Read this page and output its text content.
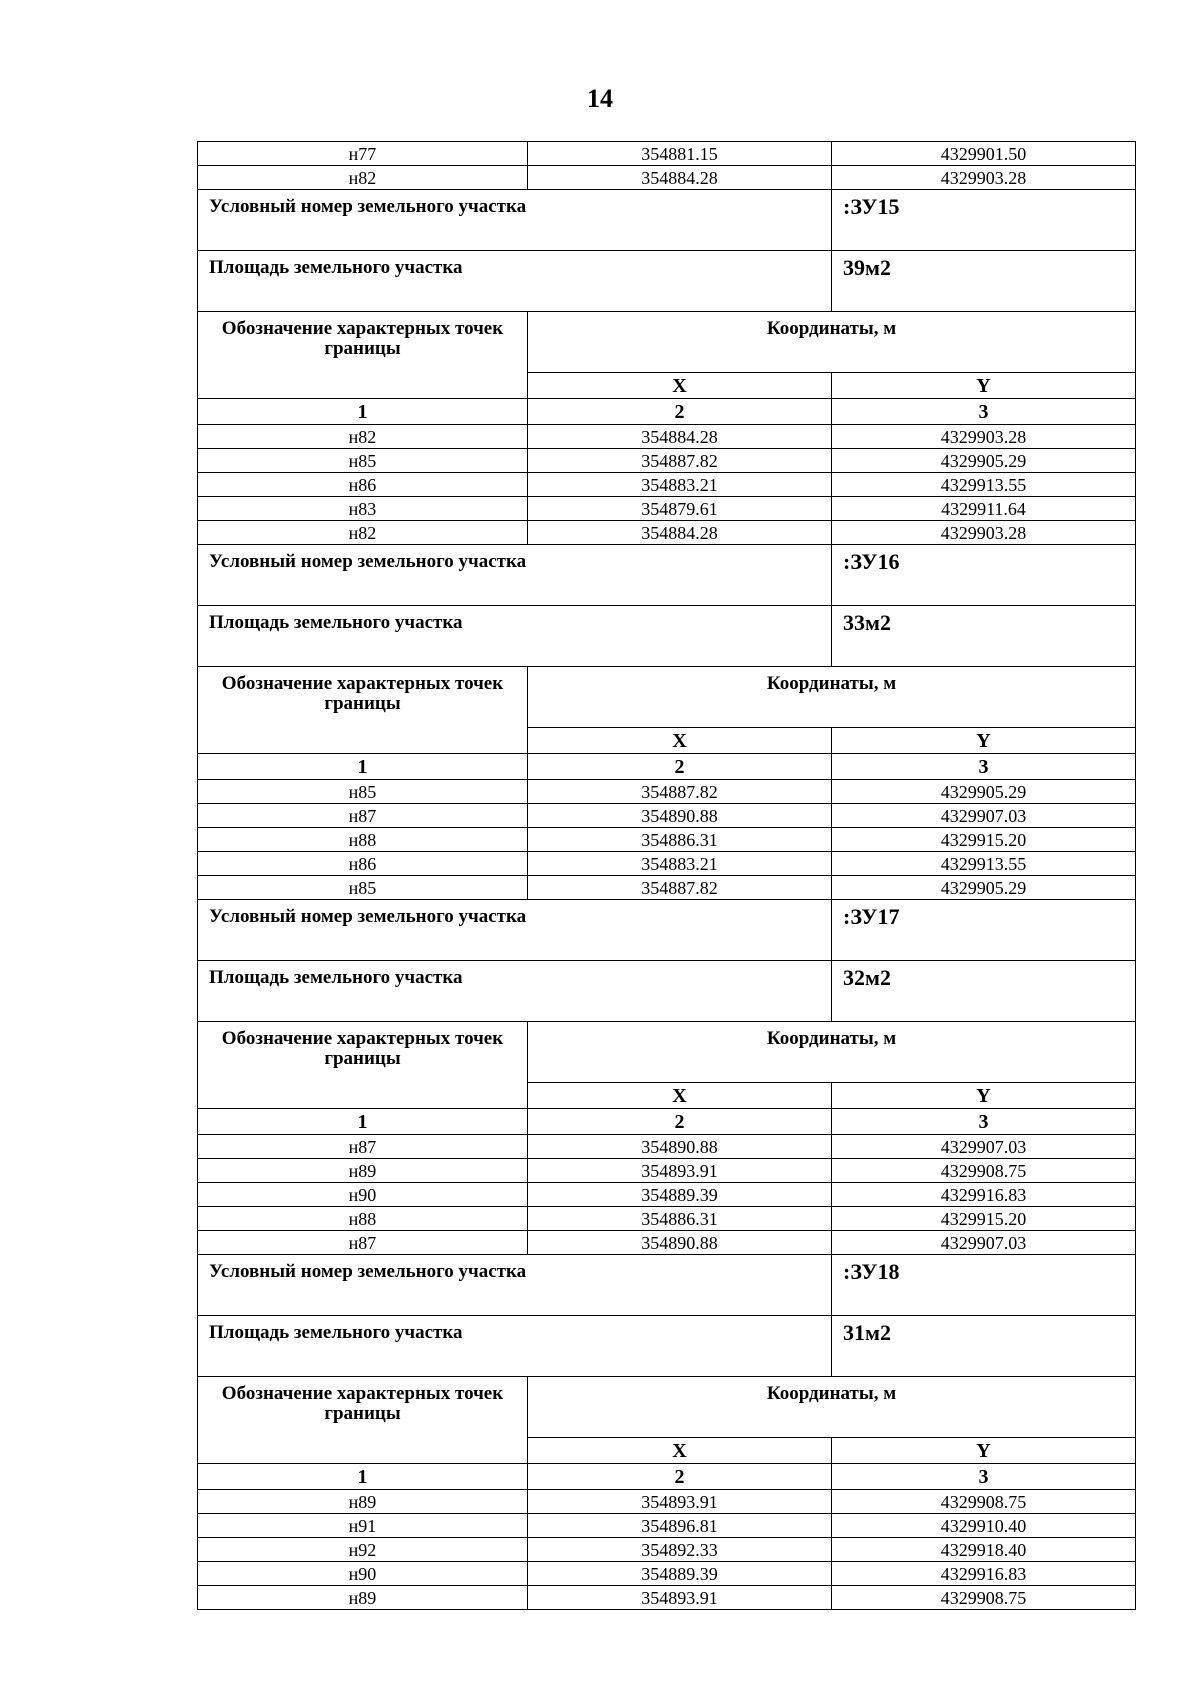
14
н77	354881.15	4329901.50
н82	354884.28	4329903.28
Условный номер земельного участка		:ЗУ15
Площадь земельного участка		39м2
Обозначение характерных точек границы	Координаты, м	
	X	Y
1	2	3
н82	354884.28	4329903.28
н85	354887.82	4329905.29
н86	354883.21	4329913.55
н83	354879.61	4329911.64
н82	354884.28	4329903.28
Условный номер земельного участка		:ЗУ16
Площадь земельного участка		33м2
Обозначение характерных точек границы	Координаты, м	
	X	Y
1	2	3
н85	354887.82	4329905.29
н87	354890.88	4329907.03
н88	354886.31	4329915.20
н86	354883.21	4329913.55
н85	354887.82	4329905.29
Условный номер земельного участка		:ЗУ17
Площадь земельного участка		32м2
Обозначение характерных точек границы	Координаты, м	
	X	Y
1	2	3
н87	354890.88	4329907.03
н89	354893.91	4329908.75
н90	354889.39	4329916.83
н88	354886.31	4329915.20
н87	354890.88	4329907.03
Условный номер земельного участка		:ЗУ18
Площадь земельного участка		31м2
Обозначение характерных точек границы	Координаты, м	
	X	Y
1	2	3
н89	354893.91	4329908.75
н91	354896.81	4329910.40
н92	354892.33	4329918.40
н90	354889.39	4329916.83
н89	354893.91	4329908.75
